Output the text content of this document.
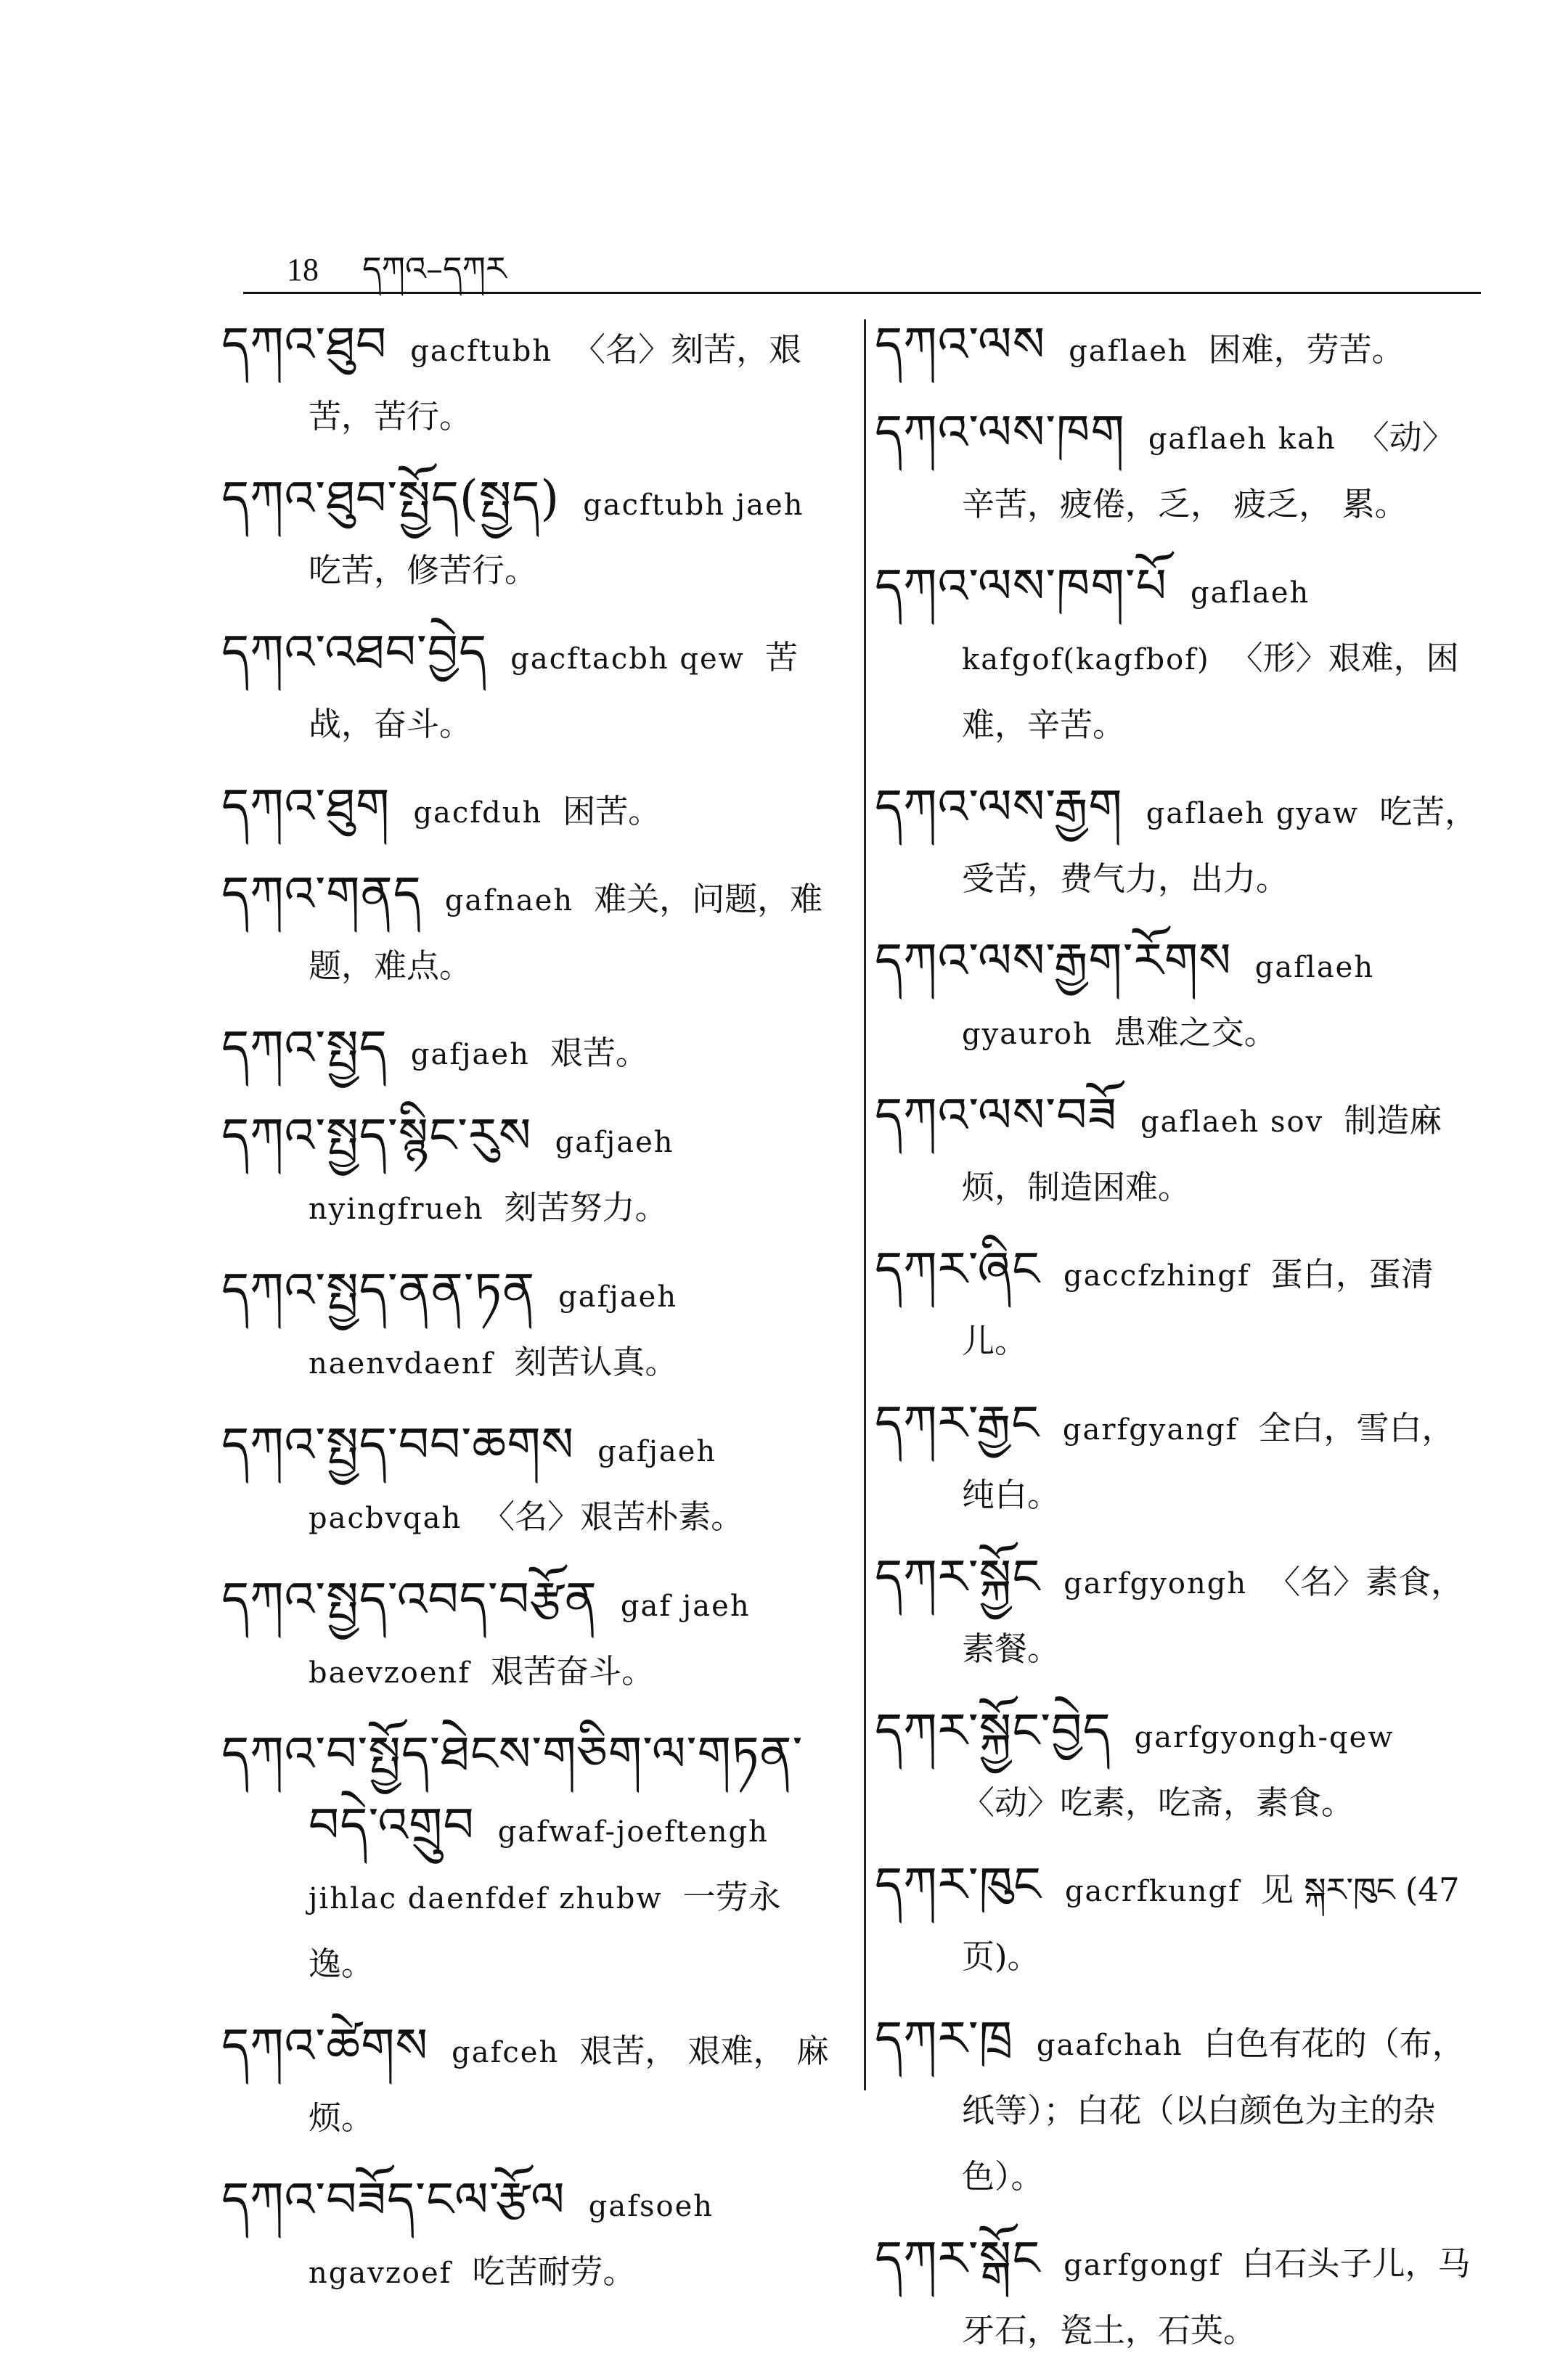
18 དཀའ–དཀར
དཀའ་ཐུབ gacftubh 〈名〉刻苦，艰苦，苦行。
དཀའ་ཐུབ་སྤྱོད(སྤྱད) gacftubh jaeh吃苦，修苦行。
དཀའ་འཐབ་བྱེད gacftacbh qew 苦战，奋斗。
དཀའ་ཐུག gacfduh 困苦。
དཀའ་གནད gafnaeh 难关，问题，难题，难点。
དཀའ་སྤྱད gafjaeh 艰苦。
དཀའ་སྤྱད་སྙིང་རུས gafjaeh nyingfrueh 刻苦努力。
དཀའ་སྤྱད་ནན་ཏན gafjaeh naenvdaenf 刻苦认真。
དཀའ་སྤྱད་བབ་ཆགས gafjaeh pacbvqah 〈名〉艰苦朴素。
དཀའ་སྤྱད་འབད་བརྩོན gaf jaeh baevzoenf 艰苦奋斗。
དཀའ་བ་སྤྱོད་ཐེངས་གཅིག་ལ་གཏན་བདེ་འགྲུབ gafwaf-joeftengh jihlac daenfdef zhubw 一劳永逸。
དཀའ་ཚེགས gafceh 艰苦， 艰难， 麻烦。
དཀའ་བཟོད་ངལ་རྩོལ gafsoeh ngavzoef 吃苦耐劳。
དཀའ་ལས gaflaeh 困难，劳苦。
དཀའ་ལས་ཁག gaflaeh kah 〈动〉辛苦，疲倦，乏， 疲乏， 累。
དཀའ་ལས་ཁག་པོ gaflaeh kafgof(kagfbof) 〈形〉艰难，困难，辛苦。
དཀའ་ལས་རྒྱག gaflaeh gyaw 吃苦，受苦，费气力，出力。
དཀའ་ལས་རྒྱག་རོགས gaflaeh gyauroh 患难之交。
དཀའ་ལས་བཟོ gaflaeh sov 制造麻烦，制造困难。
དཀར་ཞིང gaccfzhingf 蛋白，蛋清儿。
དཀར་རྒྱང garfgyangf 全白，雪白，纯白。
དཀར་སྐྱོང garfgyongh 〈名〉素食，素餐。
དཀར་སྐྱོང་བྱེད garfgyongh-qew〈动〉吃素，吃斋，素食。
དཀར་ཁུང gacrfkungf 见 སྐར་ཁུང (47页)。
དཀར་ཁྲ gaafchah 白色有花的（布， 纸等）；白花（以白颜色为主的杂色）。
དཀར་སྒོང garfgongf 白石头子儿，马牙石，瓷土，石英。
